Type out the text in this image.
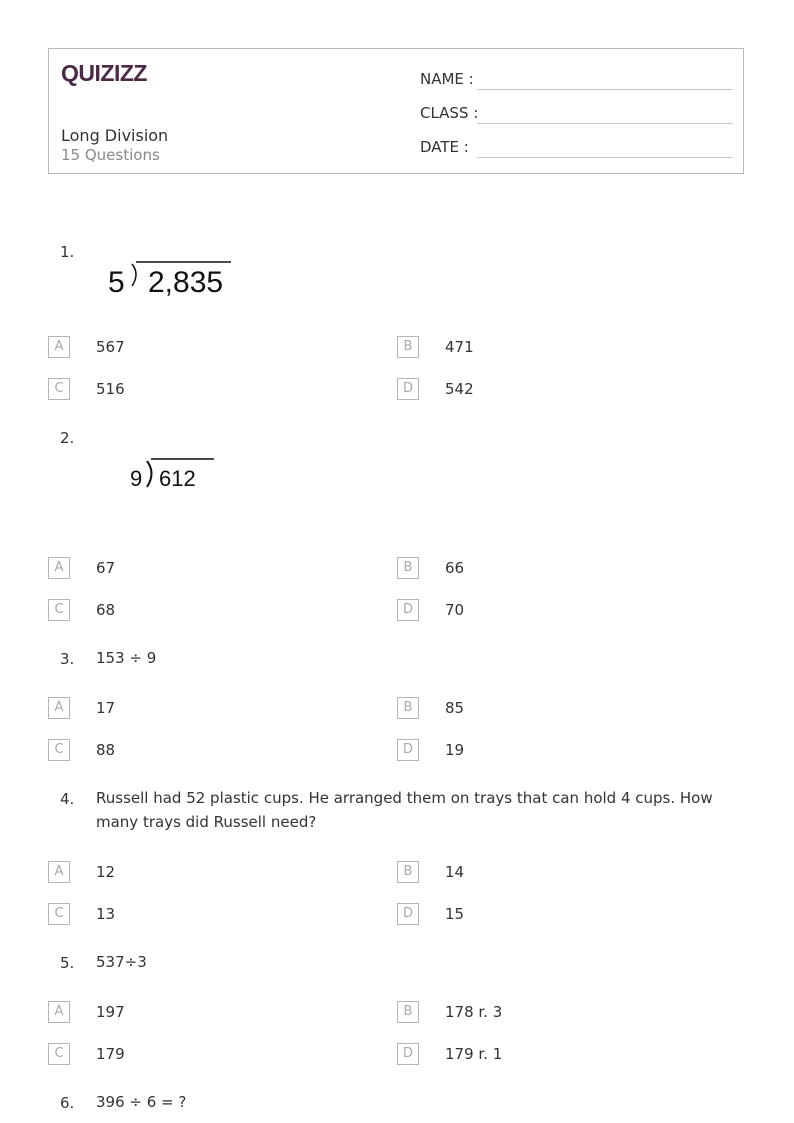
QUIZIZZ
Long Division
15 Questions
NAME :
CLASS :
DATE :
1.
5 2,835
A	567	B	471
C	516	D	542
2.
9 612
A	67	B	66
C	68	D	70
3. 153 ÷ 9
A	17	B	85
C	88	D	19
4. Russell had 52 plastic cups. He arranged them on trays that can hold 4 cups. How many trays did Russell need?
A	12	B	14
C	13	D	15
5. 537÷3
A	197	B	178 r. 3
C	179	D	179 r. 1
6. 396 ÷ 6 = ?
